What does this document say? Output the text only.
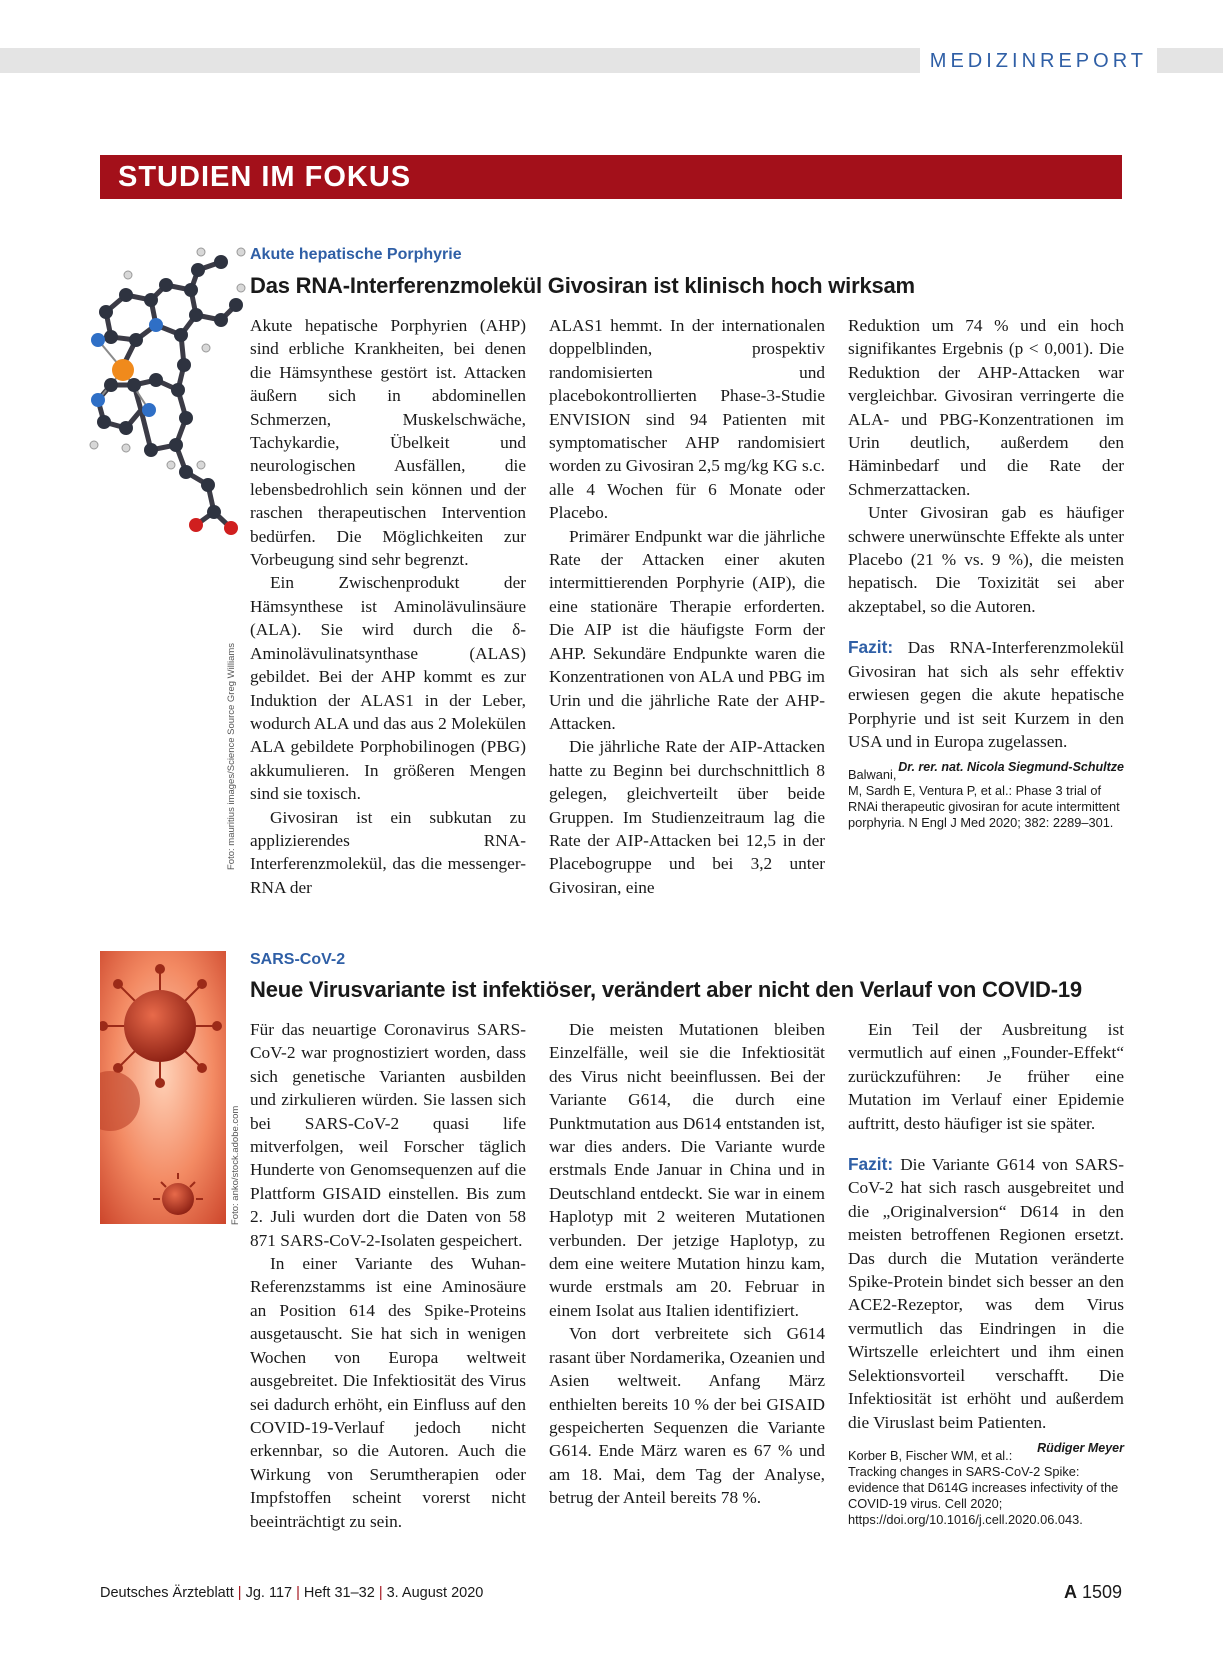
MEDIZINREPORT
STUDIEN IM FOKUS
Foto: mauritius images/Science Source Greg Williams
Akute hepatische Porphyrie
Das RNA-Interferenzmolekül Givosiran ist klinisch hoch wirksam

Akute hepatische Porphyrien (AHP) sind erbliche Krankheiten, bei denen die Hämsynthese gestört ist. Attacken äußern sich in abdominellen Schmerzen, Muskelschwäche, Tachykardie, Übelkeit und neurologischen Ausfällen, die lebensbedrohlich sein können und der raschen therapeutischen Intervention bedürfen. Die Möglichkeiten zur Vorbeugung sind sehr begrenzt.

Ein Zwischenprodukt der Hämsynthese ist Aminolävulinsäure (ALA). Sie wird durch die δ-Aminolävulinatsynthase (ALAS) gebildet. Bei der AHP kommt es zur Induktion der ALAS1 in der Leber, wodurch ALA und das aus 2 Molekülen ALA gebildete Porphobilinogen (PBG) akkumulieren. In größeren Mengen sind sie toxisch.

Givosiran ist ein subkutan zu applizierendes RNA-Interferenzmolekül, das die messenger-RNA der

ALAS1 hemmt. In der internationalen doppelblinden, prospektiv randomisierten und placebokontrollierten Phase-3-Studie ENVISION sind 94 Patienten mit symptomatischer AHP randomisiert worden zu Givosiran 2,5 mg/kg KG s.c. alle 4 Wochen für 6 Monate oder Placebo.

Primärer Endpunkt war die jährliche Rate der Attacken einer akuten intermittierenden Porphyrie (AIP), die eine stationäre Therapie erforderten. Die AIP ist die häufigste Form der AHP. Sekundäre Endpunkte waren die Konzentrationen von ALA und PBG im Urin und die jährliche Rate der AHP-Attacken.

Die jährliche Rate der AIP-Attacken hatte zu Beginn bei durchschnittlich 8 gelegen, gleichverteilt über beide Gruppen. Im Studienzeitraum lag die Rate der AIP-Attacken bei 12,5 in der Placebogruppe und bei 3,2 unter Givosiran, eine

Reduktion um 74 % und ein hoch signifikantes Ergebnis (p < 0,001). Die Reduktion der AHP-Attacken war vergleichbar. Givosiran verringerte die ALA- und PBG-Konzentrationen im Urin deutlich, außerdem den Häminbedarf und die Rate der Schmerzattacken.

Unter Givosiran gab es häufiger schwere unerwünschte Effekte als unter Placebo (21 % vs. 9 %), die meisten hepatisch. Die Toxizität sei aber akzeptabel, so die Autoren.

Fazit: Das RNA-Interferenzmolekül Givosiran hat sich als sehr effektiv erwiesen gegen die akute hepatische Porphyrie und ist seit Kurzem in den USA und in Europa zugelassen.
Dr. rer. nat. Nicola Siegmund-Schultze

Balwani, M, Sardh E, Ventura P, et al.: Phase 3 trial of RNAi therapeutic givosiran for acute intermittent porphyria. N Engl J Med 2020; 382: 2289–301.
Foto: anko/stock.adobe.com
SARS-CoV-2
Neue Virusvariante ist infektiöser, verändert aber nicht den Verlauf von COVID-19

Für das neuartige Coronavirus SARS-CoV-2 war prognostiziert worden, dass sich genetische Varianten ausbilden und zirkulieren würden. Sie lassen sich bei SARS-CoV-2 quasi life mitverfolgen, weil Forscher täglich Hunderte von Genomsequenzen auf die Plattform GISAID einstellen. Bis zum 2. Juli wurden dort die Daten von 58 871 SARS-CoV-2-Isolaten gespeichert.

In einer Variante des Wuhan-Referenzstamms ist eine Aminosäure an Position 614 des Spike-Proteins ausgetauscht. Sie hat sich in wenigen Wochen von Europa weltweit ausgebreitet. Die Infektiosität des Virus sei dadurch erhöht, ein Einfluss auf den COVID-19-Verlauf jedoch nicht erkennbar, so die Autoren. Auch die Wirkung von Serumtherapien oder Impfstoffen scheint vorerst nicht beeinträchtigt zu sein.

Die meisten Mutationen bleiben Einzelfälle, weil sie die Infektiosität des Virus nicht beeinflussen. Bei der Variante G614, die durch eine Punktmutation aus D614 entstanden ist, war dies anders. Die Variante wurde erstmals Ende Januar in China und in Deutschland entdeckt. Sie war in einem Haplotyp mit 2 weiteren Mutationen verbunden. Der jetzige Haplotyp, zu dem eine weitere Mutation hinzu kam, wurde erstmals am 20. Februar in einem Isolat aus Italien identifiziert.

Von dort verbreitete sich G614 rasant über Nordamerika, Ozeanien und Asien weltweit. Anfang März enthielten bereits 10 % der bei GISAID gespeicherten Sequenzen die Variante G614. Ende März waren es 67 % und am 18. Mai, dem Tag der Analyse, betrug der Anteil bereits 78 %.

Ein Teil der Ausbreitung ist vermutlich auf einen „Founder-Effekt“ zurückzuführen: Je früher eine Mutation im Verlauf einer Epidemie auftritt, desto häufiger ist sie später.

Fazit: Die Variante G614 von SARS-CoV-2 hat sich rasch ausgebreitet und die „Originalversion“ D614 in den meisten betroffenen Regionen ersetzt. Das durch die Mutation veränderte Spike-Protein bindet sich besser an den ACE2-Rezeptor, was dem Virus vermutlich das Eindringen in die Wirtszelle erleichtert und ihm einen Selektionsvorteil verschafft. Die Infektiosität ist erhöht und außerdem die Viruslast beim Patienten.
Rüdiger Meyer

Korber B, Fischer WM, et al.: Tracking changes in SARS-CoV-2 Spike: evidence that D614G increases infectivity of the COVID-19 virus. Cell 2020; https://doi.org/10.1016/j.cell.2020.06.043.
Deutsches Ärzteblatt | Jg. 117 | Heft 31–32 | 3. August 2020	A 1509
